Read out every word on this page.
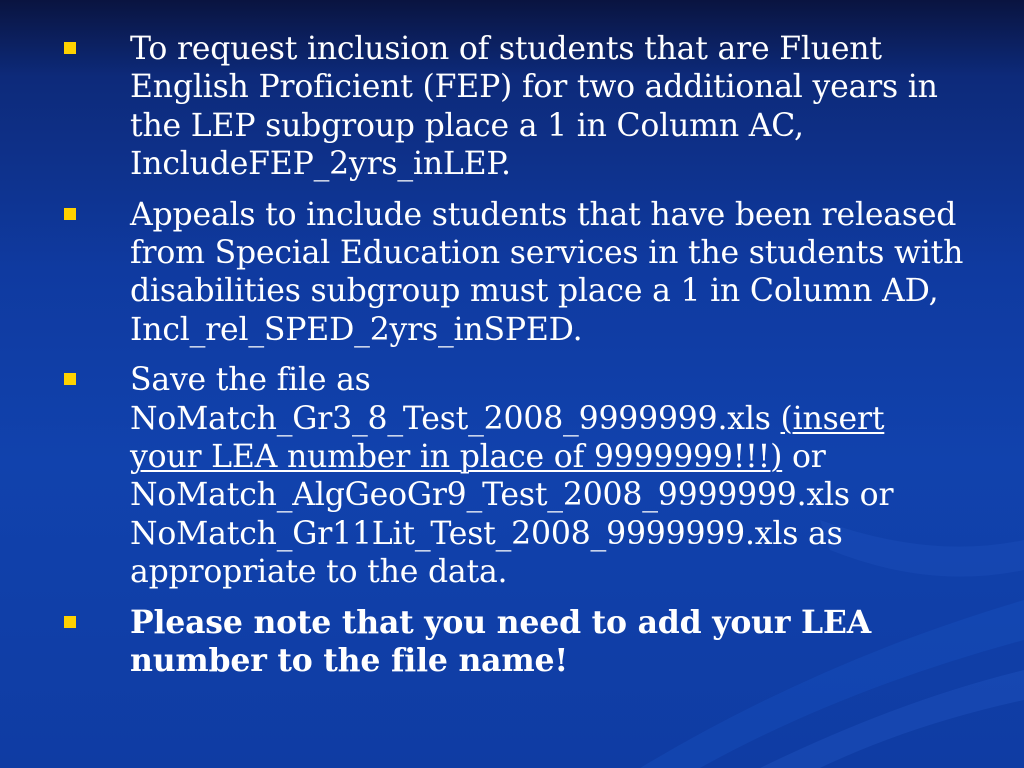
To request inclusion of students that are Fluent English Proficient (FEP) for two additional years in the LEP subgroup place a 1 in Column AC, IncludeFEP_2yrs_inLEP.
Appeals to include students that have been released from Special Education services in the students with disabilities subgroup must place a 1 in Column AD, Incl_rel_SPED_2yrs_inSPED.
Save the file as NoMatch_Gr3_8_Test_2008_9999999.xls (insert your LEA number in place of 9999999!!!) or NoMatch_AlgGeoGr9_Test_2008_9999999.xls or NoMatch_Gr11Lit_Test_2008_9999999.xls as appropriate to the data.
Please note that you need to add your LEA number to the file name!
